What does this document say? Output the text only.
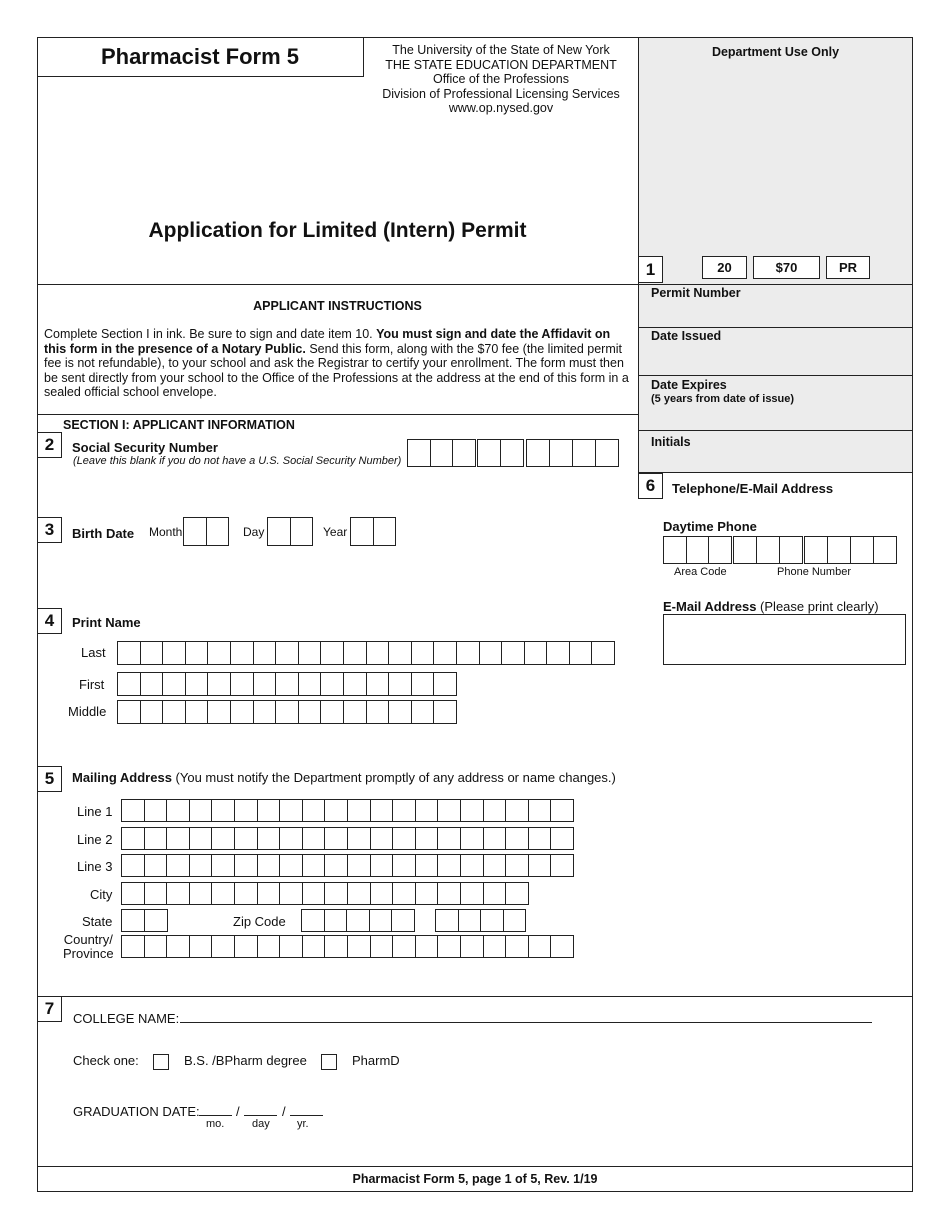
Pharmacist Form 5	The University of the State of New York
THE STATE EDUCATION DEPARTMENT
Office of the Professions
Division of Professional Licensing Services
www.op.nysed.gov
Application for Limited (Intern) Permit
Department Use Only
1	20	$70	PR
Permit Number
Date Issued
Date Expires
(5 years from date of issue)
Initials
APPLICANT INSTRUCTIONS
Complete Section I in ink. Be sure to sign and date item 10. You must sign and date the Affidavit on this form in the presence of a Notary Public. Send this form, along with the $70 fee (the limited permit fee is not refundable), to your school and ask the Registrar to certify your enrollment. The form must then be sent directly from your school to the Office of the Professions at the address at the end of this form in a sealed official school envelope.
SECTION I: APPLICANT INFORMATION
2	Social Security Number
(Leave this blank if you do not have a U.S. Social Security Number)
6	Telephone/E-Mail Address
Daytime Phone
Area Code	Phone Number
E-Mail Address (Please print clearly)
3	Birth Date Month	Day	Year
4	Print Name
Last
First
Middle
5	Mailing Address (You must notify the Department promptly of any address or name changes.)
Line 1
Line 2
Line 3
City
State	Zip Code
Country/
Province
7
COLLEGE NAME:
Check one:	B.S. /BPharm degree	PharmD
GRADUATION DATE:	/	/
mo.	day yr.
Pharmacist Form 5, page 1 of 5, Rev. 1/19
